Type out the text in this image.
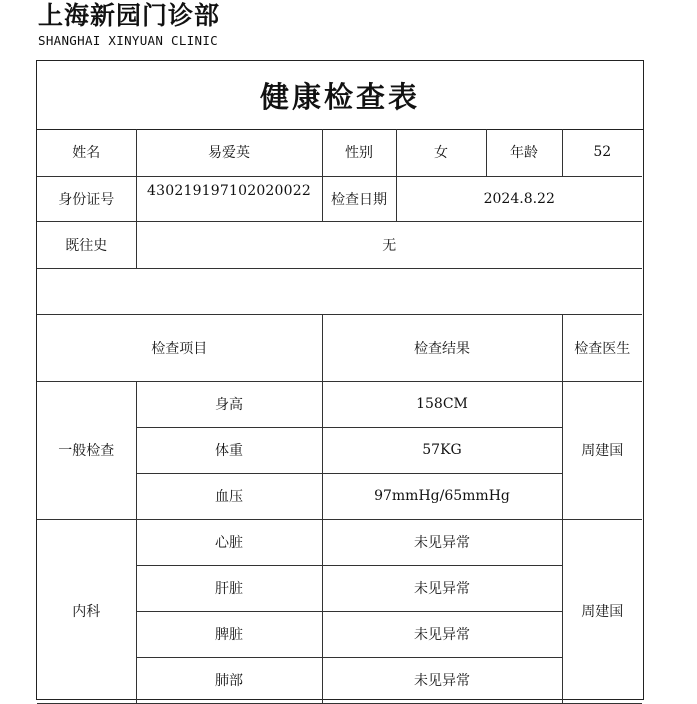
上海新园门诊部
SHANGHAI XINYUAN CLINIC
健康检查表
姓名	易爱英	性别	女	年龄	52
身份证号	430219197102020022	检查日期	2024.8.22		
既往史	无				

检查项目		检查结果			检查医生
一般检查	身高	158CM			周建国
	体重	57KG			
	血压	97mmHg/65mmHg			
内科	心脏	未见异常			周建国
	肝脏	未见异常			
	脾脏	未见异常			
	肺部	未见异常			
